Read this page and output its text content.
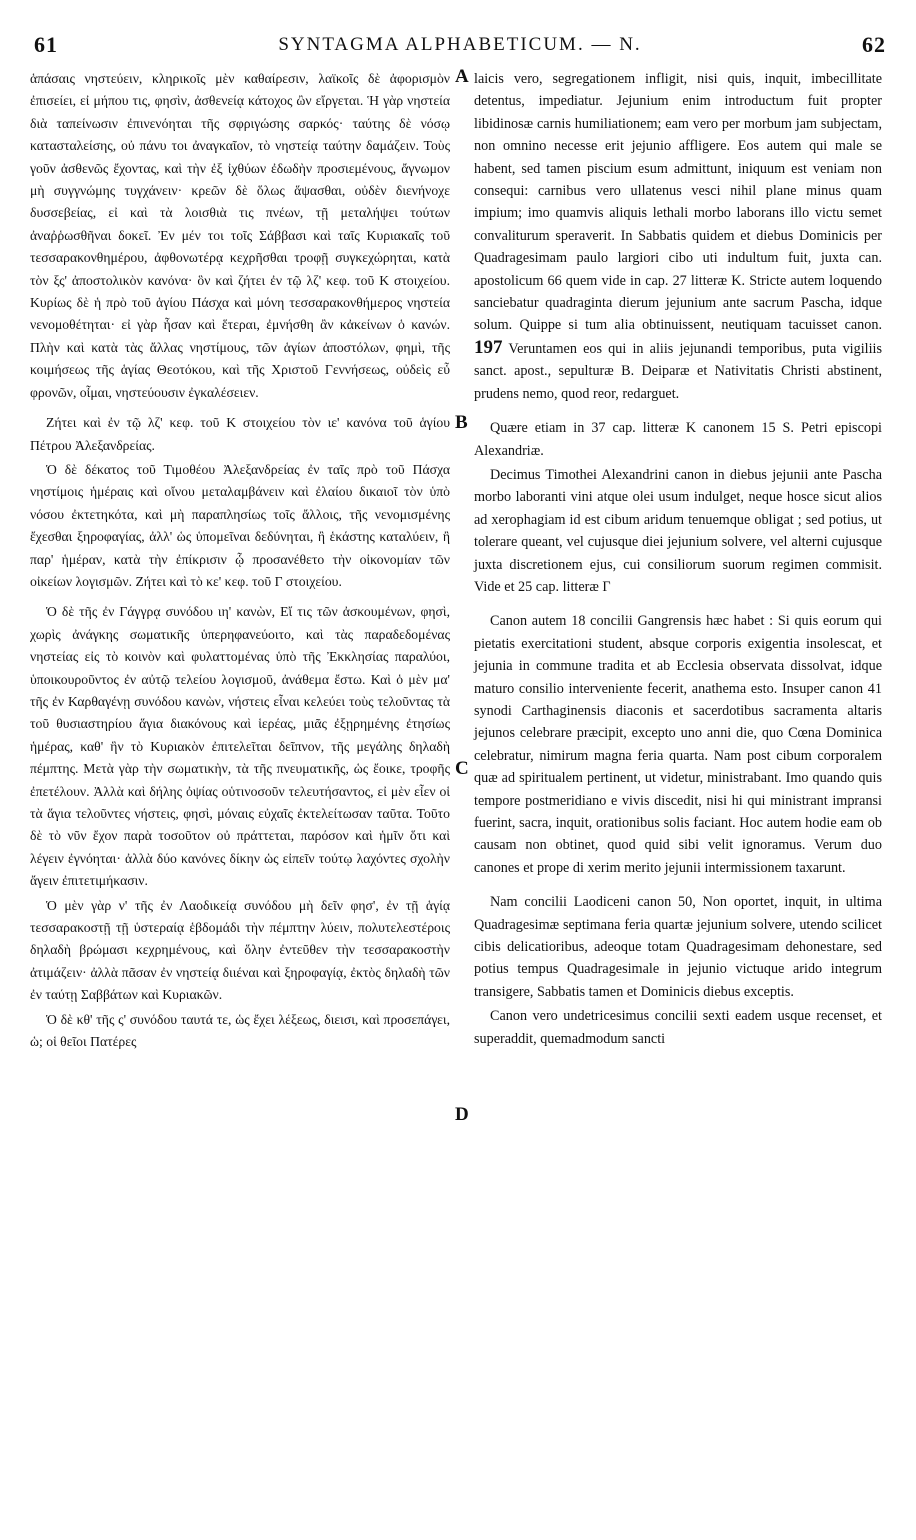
61	SYNTAGMA ALPHABETICUM. — N.	62

ἁπάσαις νηστεύειν, κληρικοῖς μὲν καθαίρεσιν, λαϊκοῖς δὲ ἀφορισμὸν ἐπισείει, εἰ μήπου τις, φησὶν, ἀσθενείᾳ κάτοχος ὢν εἴργεται. Ἡ γὰρ νηστεία διὰ ταπείνωσιν ἐπινενόηται τῆς σφριγώσης σαρκός· ταύτης δὲ νόσῳ κατασταλείσης, οὐ πάνυ τοι ἀναγκαῖον, τὸ νηστείᾳ ταύτην δαμάζειν. Τοὺς γοῦν ἀσθενῶς ἔχοντας, καὶ τὴν ἐξ ἰχθύων ἐδωδὴν προσιεμένους, ἄγνωμον μὴ συγγνώμης τυγχάνειν· κρεῶν δὲ ὅλως ἅψασθαι, οὐδὲν διενήνοχε δυσσεβείας, εἰ καὶ τὰ λοισθιὰ τις πνέων, τῇ μεταλήψει τούτων ἀναῤῥωσθῆναι δοκεῖ. Ἐν μέν τοι τοῖς Σάββασι καὶ ταῖς Κυριακαῖς τοῦ τεσσαρακονθημέρου, ἀφθονωτέρᾳ κεχρῆσθαι τροφῇ συγκεχώρηται, κατὰ τὸν ξς' ἀποστολικὸν κανόνα· ὃν καὶ ζήτει ἐν τῷ λζ' κεφ. τοῦ Κ στοιχείου. Κυρίως δὲ ἡ πρὸ τοῦ ἁγίου Πάσχα καὶ μόνη τεσσαρακονθήμερος νηστεία νενομοθέτηται· εἰ γὰρ ἦσαν καὶ ἕτεραι, ἐμνήσθη ἂν κἀκείνων ὁ κανών. Πλὴν καὶ κατὰ τὰς ἄλλας νηστίμους, τῶν ἁγίων ἀποστόλων, φημὶ, τῆς κοιμήσεως τῆς ἁγίας Θεοτόκου, καὶ τῆς Χριστοῦ Γεννήσεως, οὐδεὶς εὖ φρονῶν, οἶμαι, νηστεύουσιν ἐγκαλέσειεν.

Ζήτει καὶ ἐν τῷ λζ' κεφ. τοῦ Κ στοιχείου τὸν ιε' κανόνα τοῦ ἁγίου Πέτρου Ἀλεξανδρείας.

Ὁ δὲ δέκατος τοῦ Τιμοθέου Ἀλεξανδρείας ἐν ταῖς πρὸ τοῦ Πάσχα νηστίμοις ἡμέραις καὶ οἴνου μεταλαμβάνειν καὶ ἐλαίου δικαιοῖ τὸν ὑπὸ νόσου ἐκτετηκότα, καὶ μὴ παραπλησίως τοῖς ἄλλοις, τῆς νενομισμένης ἔχεσθαι ξηροφαγίας, ἀλλ' ὡς ὑπομεῖναι δεδύνηται, ἢ ἑκάστης καταλύειν, ἢ παρ' ἡμέραν, κατὰ τὴν ἐπίκρισιν ᾧ προσανέθετο τὴν οἰκονομίαν τῶν οἰκείων λογισμῶν. Ζήτει καὶ τὸ κε' κεφ. τοῦ Γ στοιχείου.

Ὁ δὲ τῆς ἐν Γάγγρᾳ συνόδου ιη' κανὼν, Εἴ τις τῶν ἀσκουμένων, φησὶ, χωρὶς ἀνάγκης σωματικῆς ὑπερηφανεύοιτο, καὶ τὰς παραδεδομένας νηστείας εἰς τὸ κοινὸν καὶ φυλαττομένας ὑπὸ τῆς Ἐκκλησίας παραλύοι, ὑποικουροῦντος ἐν αὐτῷ τελείου λογισμοῦ, ἀνάθεμα ἔστω. Καὶ ὁ μὲν μα' τῆς ἐν Καρθαγένῃ συνόδου κανὼν, νήστεις εἶναι κελεύει τοὺς τελοῦντας τὰ τοῦ θυσιαστηρίου ἅγια διακόνους καὶ ἱερέας, μιᾶς ἐξῃρημένης ἐτησίως ἡμέρας, καθ' ἣν τὸ Κυριακὸν ἐπιτελεῖται δεῖπνον, τῆς μεγάλης δηλαδὴ πέμπτης. Μετὰ γὰρ τὴν σωματικὴν, τὰ τῆς πνευματικῆς, ὡς ἔοικε, τροφῆς ἐπετέλουν. Ἀλλὰ καὶ δήλης ὀψίας οὑτινοσοῦν τελευτήσαντος, εἰ μὲν εἶεν οἱ τὰ ἅγια τελοῦντες νήστεις, φησὶ, μόναις εὐχαῖς ἐκτελείτωσαν ταῦτα. Τοῦτο δὲ τὸ νῦν ἔχον παρὰ τοσοῦτον οὐ πράττεται, παρόσον καὶ ἡμῖν ὅτι καὶ λέγειν ἐγνόηται· ἀλλὰ δύο κανόνες δίκην ὡς εἰπεῖν τούτῳ λαχόντες σχολὴν ἄγειν ἐπιτετιμήκασιν.

Ὁ μὲν γὰρ ν' τῆς ἐν Λαοδικείᾳ συνόδου μὴ δεῖν φησ', ἐν τῇ ἁγίᾳ τεσσαρακοστῇ τῇ ὑστεραίᾳ ἑβδομάδι τὴν πέμπτην λύειν, πολυτελεστέροις δηλαδὴ βρώμασι κεχρημένους, καὶ ὅλην ἐντεῦθεν τὴν τεσσαρακοστὴν ἀτιμάζειν· ἀλλὰ πᾶσαν ἐν νηστείᾳ διιέναι καὶ ξηροφαγίᾳ, ἐκτὸς δηλαδὴ τῶν ἐν ταύτῃ Σαββάτων καὶ Κυριακῶν.

Ὁ δὲ κθ' τῆς ς' συνόδου ταυτά τε, ὡς ἔχει λέξεως, διεισι, καὶ προσεπάγει, ὡ; οἱ θεῖοι Πατέρες

A
B
C
D

laicis vero, segregationem infligit, nisi quis, inquit, imbecillitate detentus, impediatur. Jejunium enim introductum fuit propter libidinosæ carnis humiliationem; eam vero per morbum jam subjectam, non omnino necesse erit jejunio affligere. Eos autem qui male se habent, sed tamen piscium esum admittunt, iniquum est veniam non consequi: carnibus vero ullatenus vesci nihil plane minus quam impium; imo quamvis aliquis lethali morbo laborans illo victu semet convaliturum speraverit. In Sabbatis quidem et diebus Dominicis per Quadragesimam paulo largiori cibo uti indultum fuit, juxta can. apostolicum 66 quem vide in cap. 27 litteræ K. Stricte autem loquendo sanciebatur quadraginta dierum jejunium ante sacrum Pascha, idque solum. Quippe si tum alia obtinuissent, neutiquam tacuisset canon. 197 Veruntamen eos qui in aliis jejunandi temporibus, puta vigiliis sanct. apost., sepulturæ B. Deiparæ et Nativitatis Christi abstinent, prudens nemo, quod reor, redarguet.

Quære etiam in 37 cap. litteræ K canonem 15 S. Petri episcopi Alexandriæ.

Decimus Timothei Alexandrini canon in diebus jejunii ante Pascha morbo laboranti vini atque olei usum indulget, neque hosce sicut alios ad xerophagiam id est cibum aridum tenuemque obligat ; sed potius, ut tolerare queant, vel cujusque diei jejunium solvere, vel alterni cujusque juxta discretionem ejus, cui consiliorum suorum regimen commisit. Vide et 25 cap. litteræ Γ

Canon autem 18 concilii Gangrensis hæc habet : Si quis eorum qui pietatis exercitationi student, absque corporis exigentia insolescat, et jejunia in commune tradita et ab Ecclesia observata dissolvat, idque maturo consilio interveniente fecerit, anathema esto. Insuper canon 41 synodi Carthaginensis diaconis et sacerdotibus sacramenta altaris jejunos celebrare præcipit, excepto uno anni die, quo Cœna Dominica celebratur, nimirum magna feria quarta. Nam post cibum corporalem quæ ad spiritualem pertinent, ut videtur, ministrabant. Imo quando quis tempore postmeridiano e vivis discedit, nisi hi qui ministrant impransi fuerint, sacra, inquit, orationibus solis faciant. Hoc autem hodie eam ob causam non obtinet, quod quid sibi velit ignoramus. Verum duo canones et prope di xerim merito jejunii intermissionem taxarunt.

Nam concilii Laodiceni canon 50, Non oportet, inquit, in ultima Quadragesimæ septimana feria quartæ jejunium solvere, utendo scilicet cibis delicatioribus, adeoque totam Quadragesimam dehonestare, sed potius tempus Quadragesimale in jejunio victuque arido integrum transigere, Sabbatis tamen et Dominicis diebus exceptis.

Canon vero undetricesimus concilii sexti eadem usque recenset, et superaddit, quemadmodum sancti
